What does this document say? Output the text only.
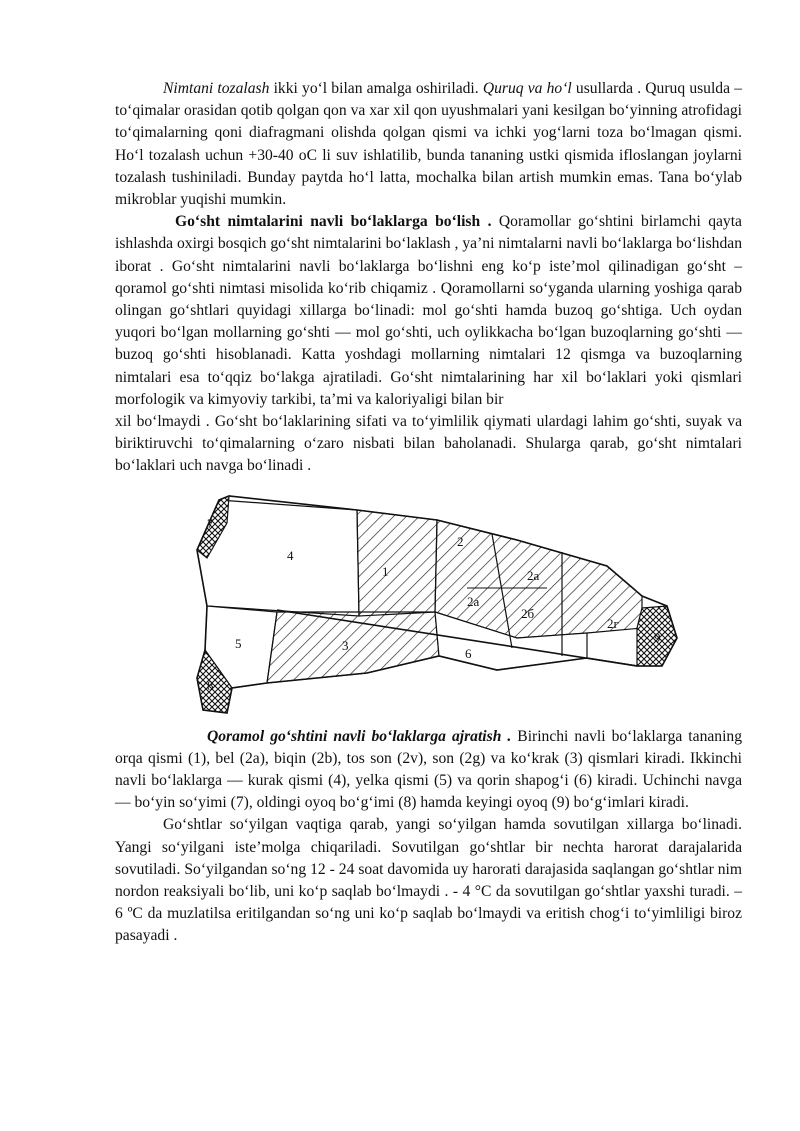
Nimtani tozalash ikki yo‘l bilan amalga oshiriladi. Quruq va ho‘l usullarda . Quruq usulda – to‘qimalar orasidan qotib qolgan qon va xar xil qon uyushmalari yani kesilgan bo‘yinning atrofidagi to‘qimalarning qoni diafragmani olishda qolgan qismi va ichki yog‘larni toza bo‘lmagan qismi. Ho‘l tozalash uchun +30-40 oC li suv ishlatilib, bunda tananing ustki qismida ifloslangan joylarni tozalash tushiniladi. Bunday paytda ho‘l latta, mochalka bilan artish mumkin emas. Tana bo‘ylab mikroblar yuqishi mumkin.

Go‘sht nimtalarini navli bo‘laklarga bo‘lish . Qoramollar go‘shtini birlamchi qayta ishlashda oxirgi bosqich go‘sht nimtalarini bo‘laklash , ya’ni nimtalarni navli bo‘laklarga bo‘lishdan iborat . Go‘sht nimtalarini navli bo‘laklarga bo‘lishni eng ko‘p iste’mol qilinadigan go‘sht – qoramol go‘shti nimtasi misolida ko‘rib chiqamiz . Qoramollarni so‘yganda ularning yoshiga qarab olingan go‘shtlari quyidagi xillarga bo‘linadi: mol go‘shti hamda buzoq go‘shtiga. Uch oydan yuqori bo‘lgan mollarning go‘shti — mol go‘shti, uch oylikkacha bo‘lgan buzoqlarning go‘shti — buzoq go‘shti hisoblanadi. Katta yoshdagi mollarning nimtalari 12 qismga va buzoqlarning nimtalari esa to‘qqiz bo‘lakga ajratiladi. Go‘sht nimtalarining har xil bo‘laklari yoki qismlari morfologik va kimyoviy tarkibi, ta’mi va kaloriyaligi bilan bir

xil bo‘lmaydi . Go‘sht bo‘laklarining sifati va to‘yimlilik qiymati ulardagi lahim go‘shti, suyak va biriktiruvchi to‘qimalarning o‘zaro nisbati bilan baholanadi. Shularga qarab, go‘sht nimtalari bo‘laklari uch navga bo‘linadi .

1
2
2a
2a
2б
2г
3
4
5
6
7
8
9

Qoramol go‘shtini navli bo‘laklarga ajratish . Birinchi navli bo‘laklarga tananing orqa qismi (1), bel (2a), biqin (2b), tos son (2v), son (2g) va ko‘krak (3) qismlari kiradi. Ikkinchi navli bo‘laklarga — kurak qismi (4), yelka qismi (5) va qorin shapog‘i (6) kiradi. Uchinchi navga — bo‘yin so‘yimi (7), oldingi oyoq bo‘g‘imi (8) hamda keyingi oyoq (9) bo‘g‘imlari kiradi.

Go‘shtlar so‘yilgan vaqtiga qarab, yangi so‘yilgan hamda sovutilgan xillarga bo‘linadi. Yangi so‘yilgani iste’molga chiqariladi. Sovutilgan go‘shtlar bir nechta harorat darajalarida sovutiladi. So‘yilgandan so‘ng 12 - 24 soat davomida uy harorati darajasida saqlangan go‘shtlar nim nordon reaksiyali bo‘lib, uni ko‘p saqlab bo‘lmaydi . - 4 °C da sovutilgan go‘shtlar yaxshi turadi. – 6 ºC da muzlatilsa eritilgandan so‘ng uni ko‘p saqlab bo‘lmaydi va eritish chog‘i to‘yimliligi biroz pasayadi .
